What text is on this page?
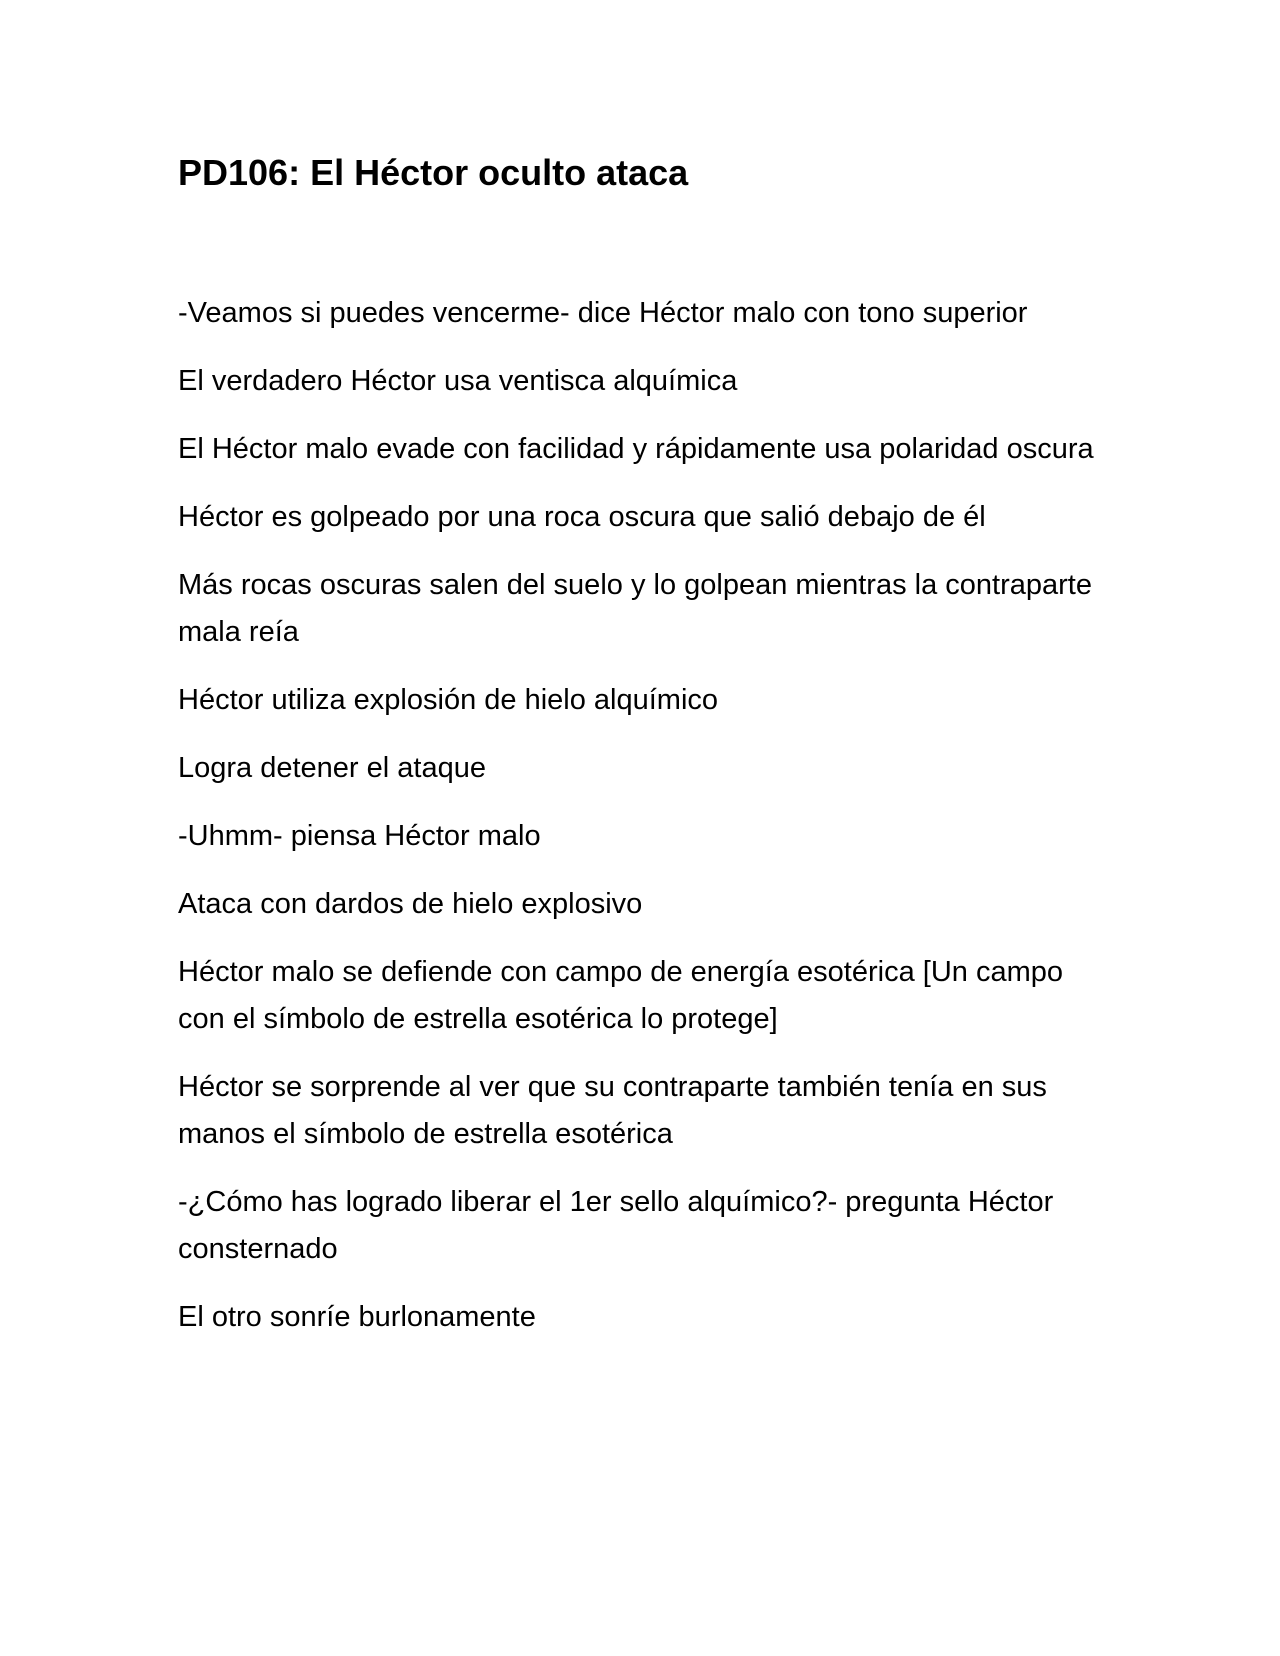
PD106: El Héctor oculto ataca

-Veamos si puedes vencerme- dice Héctor malo con tono superior

El verdadero Héctor usa ventisca alquímica

El Héctor malo evade con facilidad y rápidamente usa polaridad oscura

Héctor es golpeado por una roca oscura que salió debajo de él

Más rocas oscuras salen del suelo y lo golpean mientras la contraparte mala reía

Héctor utiliza explosión de hielo alquímico

Logra detener el ataque

-Uhmm- piensa Héctor malo

Ataca con dardos de hielo explosivo

Héctor malo se defiende con campo de energía esotérica [Un campo con el símbolo de estrella esotérica lo protege]

Héctor se sorprende al ver que su contraparte también tenía en sus manos el símbolo de estrella esotérica

-¿Cómo has logrado liberar el 1er sello alquímico?- pregunta Héctor consternado

El otro sonríe burlonamente
